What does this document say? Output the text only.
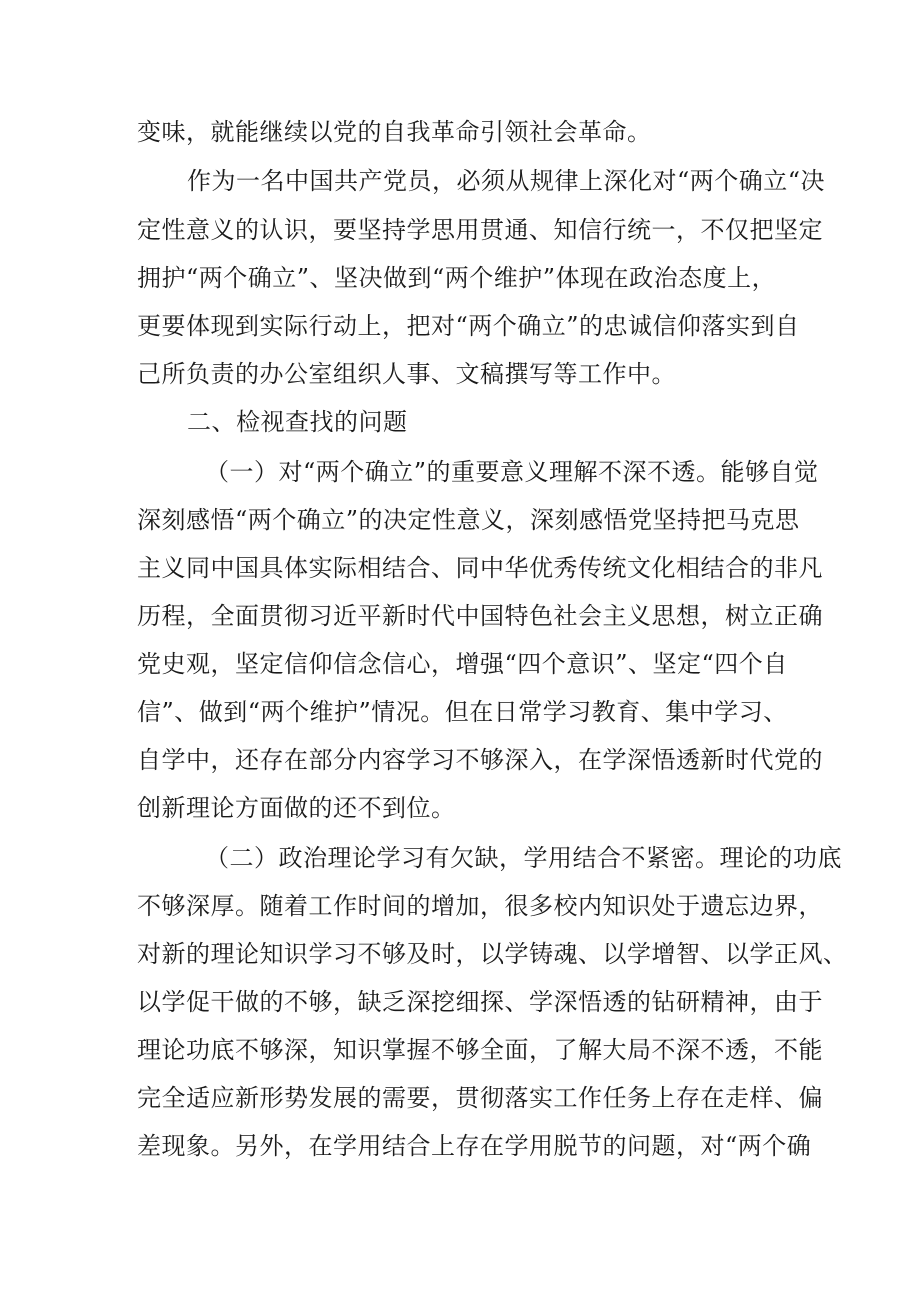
变味，就能继续以党的自我革命引领社会革命。
作为一名中国共产党员，必须从规律上深化对“两个确立“决
定性意义的认识，要坚持学思用贯通、知信行统一，不仅把坚定
拥护“两个确立”、坚决做到“两个维护”体现在政治态度上，
更要体现到实际行动上，把对“两个确立”的忠诚信仰落实到自
己所负责的办公室组织人事、文稿撰写等工作中。
二、检视查找的问题
（一）对“两个确立”的重要意义理解不深不透。能够自觉
深刻感悟“两个确立”的决定性意义，深刻感悟党坚持把马克思
主义同中国具体实际相结合、同中华优秀传统文化相结合的非凡
历程，全面贯彻习近平新时代中国特色社会主义思想，树立正确
党史观，坚定信仰信念信心，增强“四个意识”、坚定“四个自
信”、做到“两个维护”情况。但在日常学习教育、集中学习、
自学中，还存在部分内容学习不够深入，在学深悟透新时代党的
创新理论方面做的还不到位。
（二）政治理论学习有欠缺，学用结合不紧密。理论的功底
不够深厚。随着工作时间的增加，很多校内知识处于遗忘边界，
对新的理论知识学习不够及时，以学铸魂、以学增智、以学正风、
以学促干做的不够，缺乏深挖细探、学深悟透的钻研精神，由于
理论功底不够深，知识掌握不够全面，了解大局不深不透，不能
完全适应新形势发展的需要，贯彻落实工作任务上存在走样、偏
差现象。另外，在学用结合上存在学用脱节的问题，对“两个确
